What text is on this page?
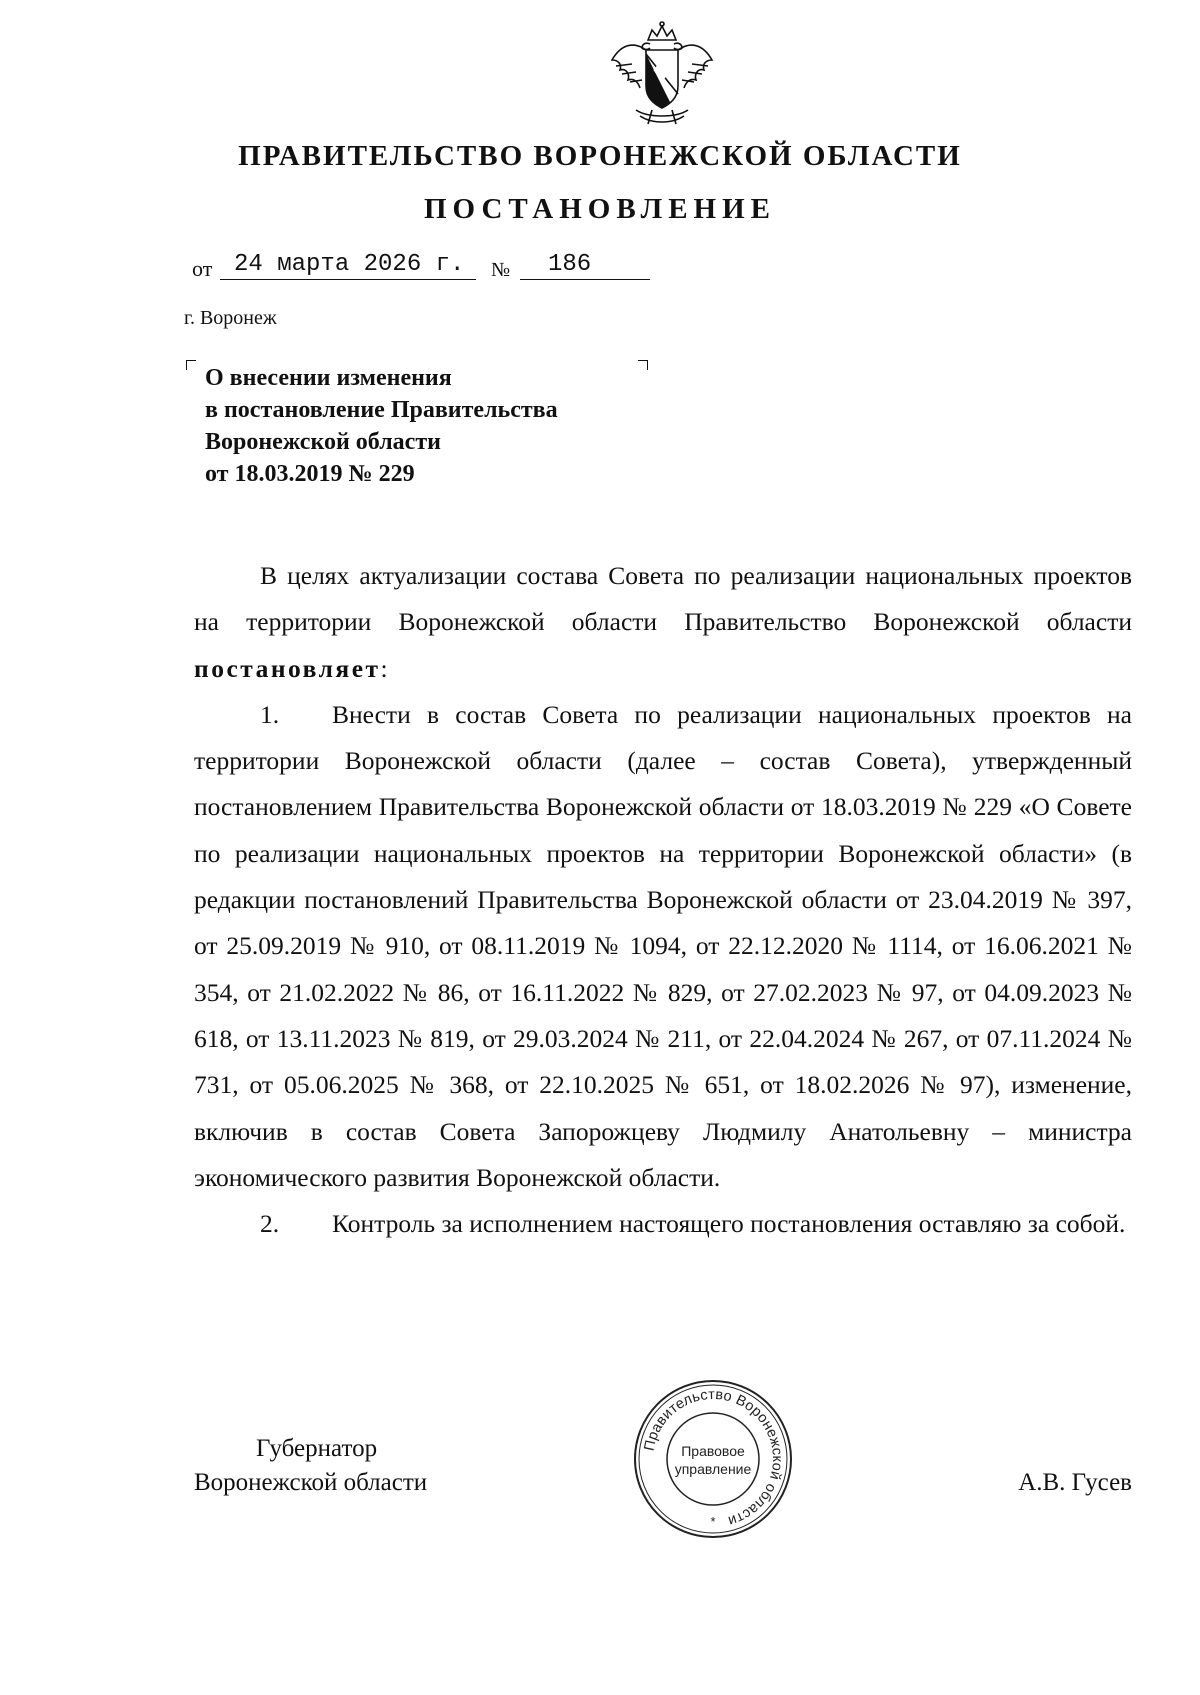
ПРАВИТЕЛЬСТВО ВОРОНЕЖСКОЙ ОБЛАСТИ
ПОСТАНОВЛЕНИЕ
от 24 марта 2026 г.	№	186
г. Воронеж
О внесении изменения
в постановление Правительства
Воронежской области
от 18.03.2019 № 229

В целях актуализации состава Совета по реализации национальных проектов на территории Воронежской области Правительство Воронежской области постановляет:

1. Внести в состав Совета по реализации национальных проектов на территории Воронежской области (далее – состав Совета), утвержденный постановлением Правительства Воронежской области от 18.03.2019 № 229 «О Совете по реализации национальных проектов на территории Воронежской области» (в редакции постановлений Правительства Воронежской области от 23.04.2019 № 397, от 25.09.2019 № 910, от 08.11.2019 № 1094, от 22.12.2020 № 1114, от 16.06.2021 № 354, от 21.02.2022 № 86, от 16.11.2022 № 829, от 27.02.2023 № 97, от 04.09.2023 № 618, от 13.11.2023 № 819, от 29.03.2024 № 211, от 22.04.2024 № 267, от 07.11.2024 № 731, от 05.06.2025 № 368, от 22.10.2025 № 651, от 18.02.2026 № 97), изменение, включив в состав Совета Запорожцеву Людмилу Анатольевну – министра экономического развития Воронежской области.

2. Контроль за исполнением настоящего постановления оставляю за собой.

Губернатор
Воронежской области	А.В. Гусев
Правительство Воронежской области
Правовое
управление
*
